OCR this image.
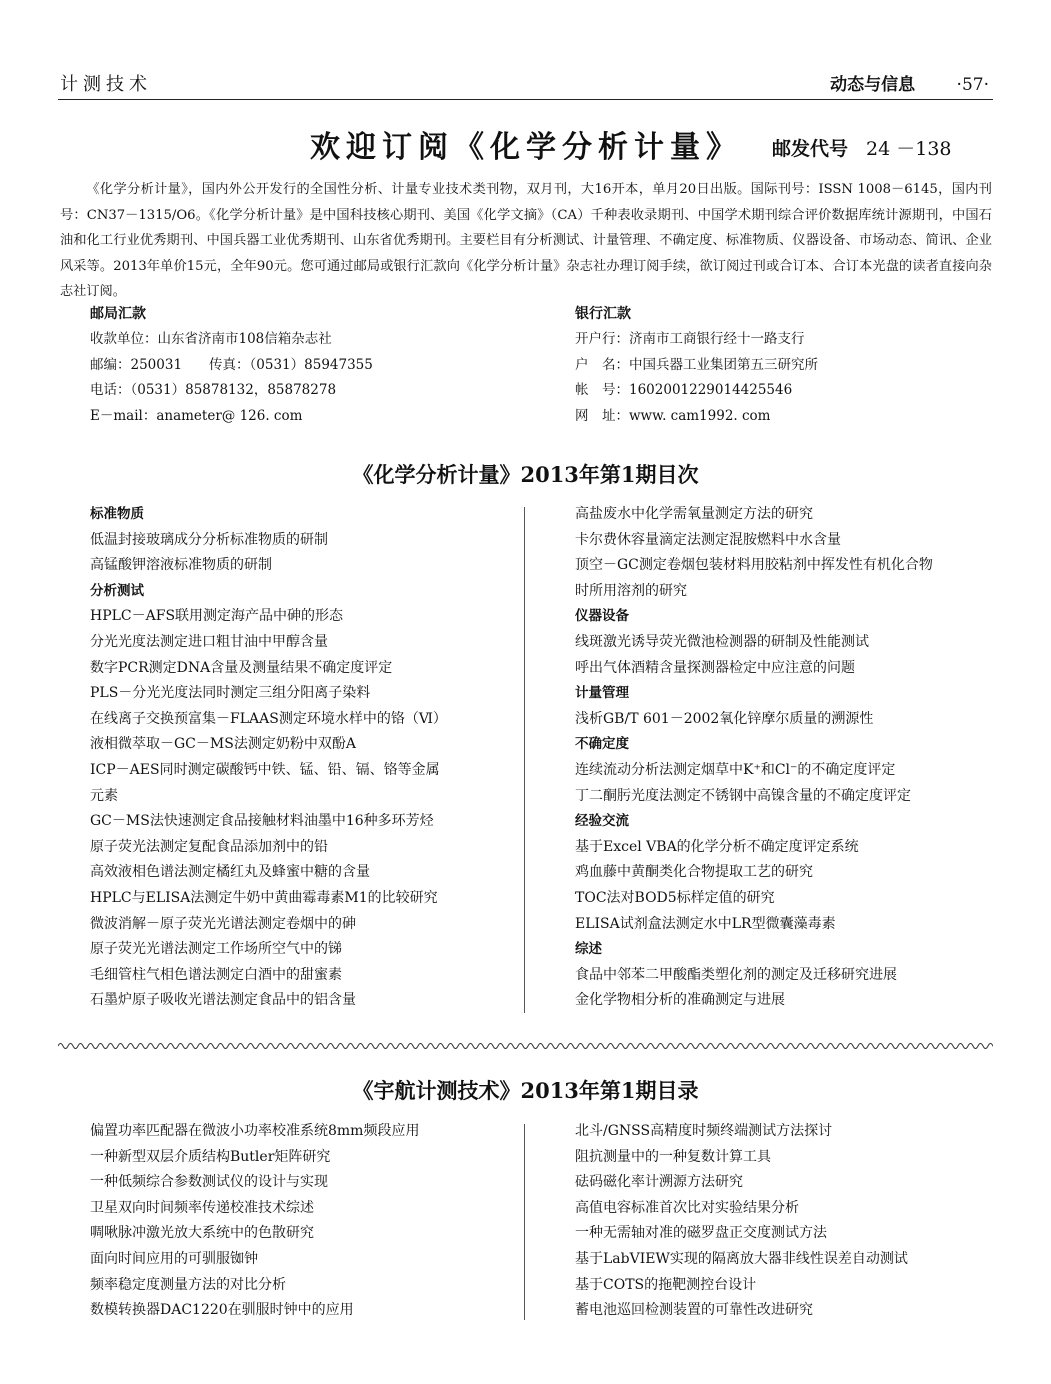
计测技术	动态与信息 ·57·
欢迎订阅《化学分析计量》 邮发代号 24 －138
《化学分析计量》，国内外公开发行的全国性分析、计量专业技术类刊物，双月刊，大16开本，单月20日出版。国际刊号：ISSN 1008－6145，国内刊号：CN37－1315/O6。《化学分析计量》是中国科技核心期刊、美国《化学文摘》（CA）千种表收录期刊、中国学术期刊综合评价数据库统计源期刊，中国石油和化工行业优秀期刊、中国兵器工业优秀期刊、山东省优秀期刊。主要栏目有分析测试、计量管理、不确定度、标准物质、仪器设备、市场动态、简讯、企业风采等。2013年单价15元，全年90元。您可通过邮局或银行汇款向《化学分析计量》杂志社办理订阅手续，欲订阅过刊或合订本、合订本光盘的读者直接向杂志社订阅。
邮局汇款
收款单位：山东省济南市108信箱杂志社
邮编：250031　　传真：（0531）85947355
电话：（0531）85878132，85878278
E－mail：anameter@ 126. com
银行汇款
开户行：济南市工商银行经十一路支行
户　名：中国兵器工业集团第五三研究所
帐　号：1602001229014425546
网　址：www. cam1992. com
《化学分析计量》2013年第1期目次
标准物质
低温封接玻璃成分分析标准物质的研制
高锰酸钾溶液标准物质的研制
分析测试
HPLC－AFS联用测定海产品中砷的形态
分光光度法测定进口粗甘油中甲醇含量
数字PCR测定DNA含量及测量结果不确定度评定
PLS－分光光度法同时测定三组分阳离子染料
在线离子交换预富集－FLAAS测定环境水样中的铬（Ⅵ）
液相微萃取－GC－MS法测定奶粉中双酚A
ICP－AES同时测定碳酸钙中铁、锰、铅、镉、铬等金属
元素
GC－MS法快速测定食品接触材料油墨中16种多环芳烃
原子荧光法测定复配食品添加剂中的铅
高效液相色谱法测定橘红丸及蜂蜜中糖的含量
HPLC与ELISA法测定牛奶中黄曲霉毒素M1的比较研究
微波消解－原子荧光光谱法测定卷烟中的砷
原子荧光光谱法测定工作场所空气中的锑
毛细管柱气相色谱法测定白酒中的甜蜜素
石墨炉原子吸收光谱法测定食品中的铝含量
高盐废水中化学需氧量测定方法的研究
卡尔费休容量滴定法测定混胺燃料中水含量
顶空－GC测定卷烟包装材料用胶粘剂中挥发性有机化合物
时所用溶剂的研究
仪器设备
线斑激光诱导荧光微池检测器的研制及性能测试
呼出气体酒精含量探测器检定中应注意的问题
计量管理
浅析GB/T 601－2002氧化锌摩尔质量的溯源性
不确定度
连续流动分析法测定烟草中K⁺和Cl⁻的不确定度评定
丁二酮肟光度法测定不锈钢中高镍含量的不确定度评定
经验交流
基于Excel VBA的化学分析不确定度评定系统
鸡血藤中黄酮类化合物提取工艺的研究
TOC法对BOD5标样定值的研究
ELISA试剂盒法测定水中LR型微囊藻毒素
综述
食品中邻苯二甲酸酯类塑化剂的测定及迁移研究进展
金化学物相分析的准确测定与进展
《宇航计测技术》2013年第1期目录
偏置功率匹配器在微波小功率校准系统8mm频段应用
一种新型双层介质结构Butler矩阵研究
一种低频综合参数测试仪的设计与实现
卫星双向时间频率传递校准技术综述
啁啾脉冲激光放大系统中的色散研究
面向时间应用的可驯服铷钟
频率稳定度测量方法的对比分析
数模转换器DAC1220在驯服时钟中的应用
北斗/GNSS高精度时频终端测试方法探讨
阻抗测量中的一种复数计算工具
砝码磁化率计溯源方法研究
高值电容标准首次比对实验结果分析
一种无需轴对准的磁罗盘正交度测试方法
基于LabVIEW实现的隔离放大器非线性误差自动测试
基于COTS的拖靶测控台设计
蓄电池巡回检测装置的可靠性改进研究
